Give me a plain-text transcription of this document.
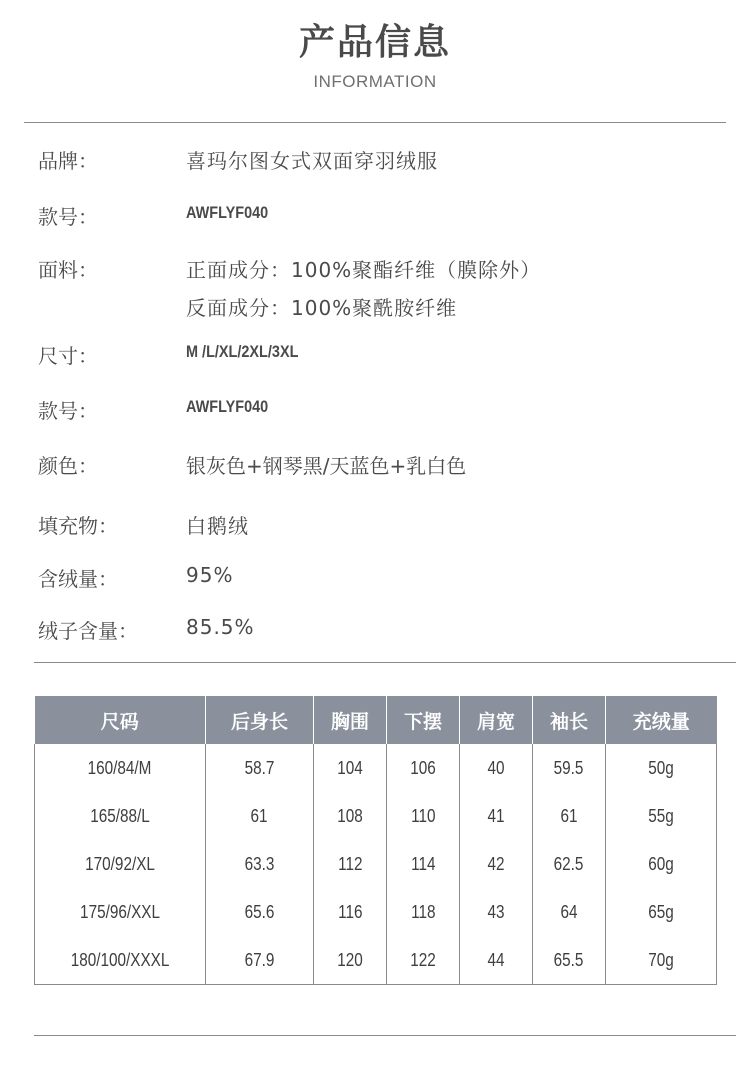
产品信息
INFORMATION
品牌：	喜玛尔图女式双面穿羽绒服
款号：	AWFLYF040
面料：	正面成分：100%聚酯纤维（膜除外）
反面成分：100%聚酰胺纤维
尺寸：	M /L/XL/2XL/3XL
款号：	AWFLYF040
颜色：	银灰色+钢琴黑/天蓝色+乳白色
填充物：	白鹅绒
含绒量：	95%
绒子含量： 85.5%
尺码	后身长	胸围	下摆	肩宽	袖长	充绒量
160/84/M	58.7	104	106	40	59.5	50g
165/88/L	61	108	110	41	61	55g
170/92/XL	63.3	112	114	42	62.5	60g
175/96/XXL	65.6	116	118	43	64	65g
180/100/XXXL	67.9	120	122	44	65.5	70g
